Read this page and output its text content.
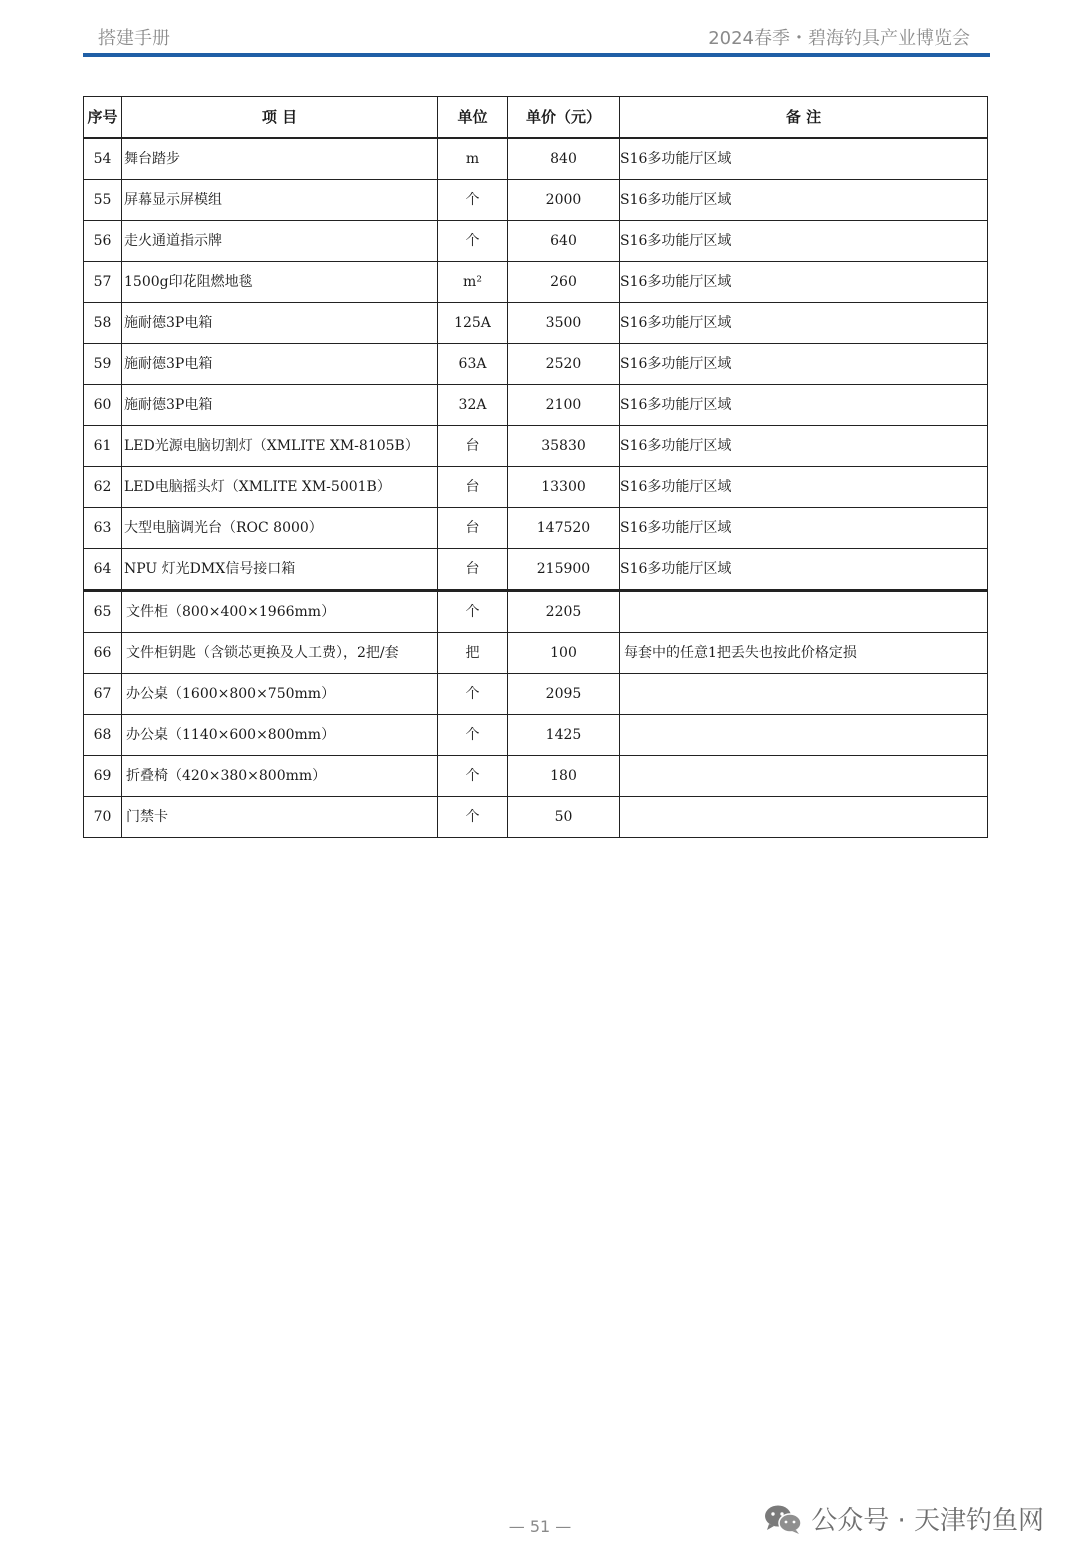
搭建手册	2024春季・碧海钓具产业博览会
序号	项 目	单位	单价（元）	备 注
54	舞台踏步	m	840	S16多功能厅区域
55	屏幕显示屏模组	个	2000	S16多功能厅区域
56	走火通道指示牌	个	640	S16多功能厅区域
57	1500g印花阻燃地毯	m²	260	S16多功能厅区域
58	施耐德3P电箱	125A	3500	S16多功能厅区域
59	施耐德3P电箱	63A	2520	S16多功能厅区域
60	施耐德3P电箱	32A	2100	S16多功能厅区域
61	LED光源电脑切割灯（XMLITE XM-8105B）	台	35830	S16多功能厅区域
62	LED电脑摇头灯（XMLITE XM-5001B）	台	13300	S16多功能厅区域
63	大型电脑调光台（ROC 8000）	台	147520	S16多功能厅区域
64	NPU 灯光DMX信号接口箱	台	215900	S16多功能厅区域
65	文件柜（800×400×1966mm）	个	2205	
66	文件柜钥匙（含锁芯更换及人工费），2把/套	把	100	每套中的任意1把丢失也按此价格定损
67	办公桌（1600×800×750mm）	个	2095	
68	办公桌（1140×600×800mm）	个	1425	
69	折叠椅（420×380×800mm）	个	180	
70	门禁卡	个	50	
— 51 —	公众号 · 天津钓鱼网
